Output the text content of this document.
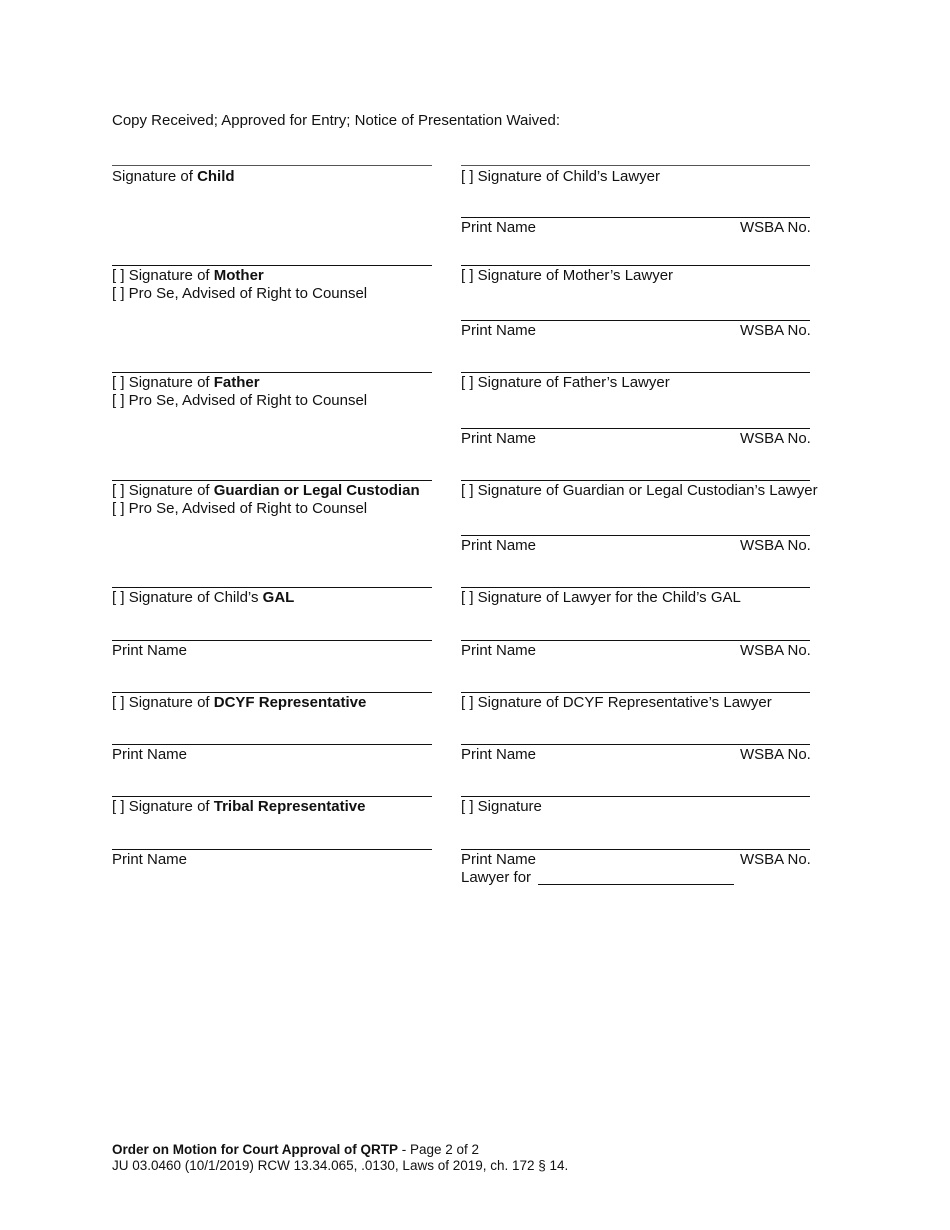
Copy Received; Approved for Entry; Notice of Presentation Waived:
Signature of Child	[ ] Signature of Child’s Lawyer
Print Name	WSBA No.
[ ] Signature of Mother
[ ] Pro Se, Advised of Right to Counsel
[ ] Signature of Mother’s Lawyer
Print Name	WSBA No.
[ ] Signature of Father
[ ] Pro Se, Advised of Right to Counsel
[ ] Signature of Father’s Lawyer
Print Name	WSBA No.
[ ] Signature of Guardian or Legal Custodian
[ ] Pro Se, Advised of Right to Counsel
[ ] Signature of Guardian or Legal Custodian’s Lawyer
Print Name	WSBA No.
[ ] Signature of Child’s GAL	[ ] Signature of Lawyer for the Child’s GAL
Print Name	Print Name	WSBA No.
[ ] Signature of DCYF Representative	[ ] Signature of DCYF Representative’s Lawyer
Print Name	Print Name	WSBA No.
[ ] Signature of Tribal Representative	[ ] Signature
Print Name	Print Name	WSBA No.
Lawyer for
Order on Motion for Court Approval of QRTP - Page 2 of 2
JU 03.0460 (10/1/2019) RCW 13.34.065, .0130, Laws of 2019, ch. 172 § 14.
